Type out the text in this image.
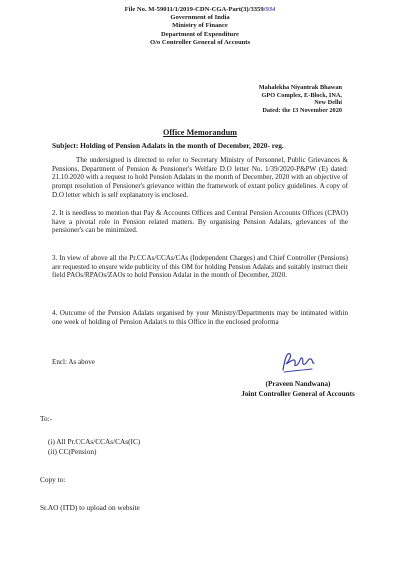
File No. M-59011/1/2019-CDN-CGA-Part(3)/3359/934
Government of India
Ministry of Finance
Department of Expenditure
O/o Controller General of Accounts
Mahalekha Niyantrak Bhawan
GPO Complex, E-Block, INA,
New Delhi
Dated: the 13 November 2020
Office Memorandum
Subject: Holding of Pension Adalats in the month of December, 2020- reg.
The undersigned is directed to refer to Secretary Ministry of Personnel, Public Grievances & Pensions, Department of Pension & Pensioner's Welfare D.O letter No. 1/39/2020-P&PW (E) dated: 21.10.2020 with a request to hold Pension Adalats in the month of December, 2020 with an objective of prompt resolution of Pensioner's grievance within the framework of extant policy guidelines. A copy of D.O letter which is self explanatory is enclosed.
2. It is needless to mention that Pay & Accounts Offices and Central Pension Accounts Offices (CPAO) have a pivotal role in Pension related matters. By organising Pension Adalats, grievances of the pensioner's can be minimized.
3. In view of above all the Pr.CCAs/CCAs/CAs (Independent Charges) and Chief Controller (Pensions) are requested to ensure wide publicity of this OM for holding Pension Adalats and suitably instruct their field PAOs/RPAOs/ZAOs to hold Pension Adalat in the month of December, 2020.
4. Outcome of the Pension Adalats organised by your Ministry/Departments may be intimated within one week of holding of Pension Adalat/s to this Office in the enclosed proforma
Encl: As above
(Praveen Nandwana)
Joint Controller General of Accounts
To:-
(i) All Pr.CCAs/CCAs/CAs(IC)
(ii) CC(Pension)
Copy to:
Sr.AO (ITD) to upload on website
